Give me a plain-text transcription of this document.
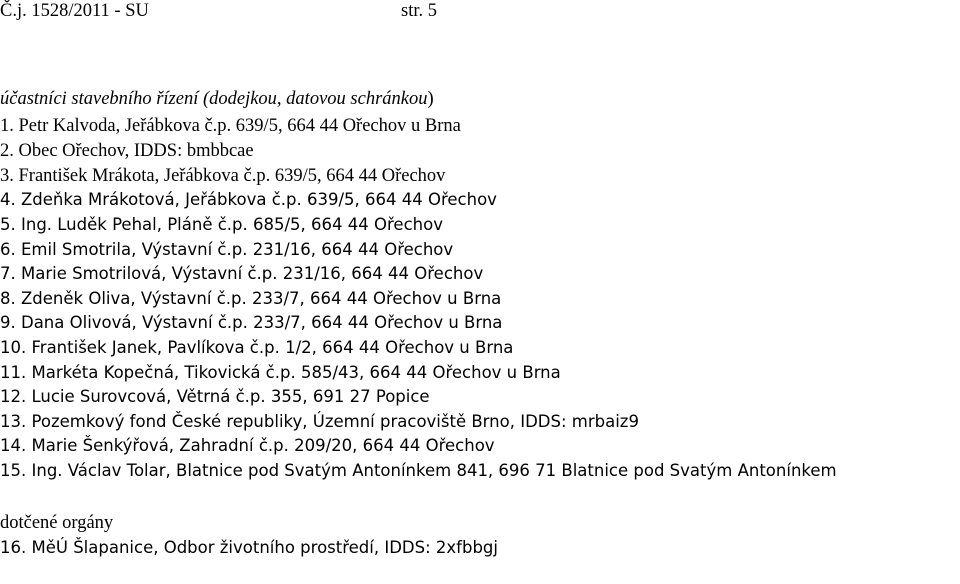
Č.j. 1528/2011 - SU	str. 5
účastníci stavebního řízení (dodejkou, datovou schránkou)
1. Petr Kalvoda, Jeřábkova č.p. 639/5, 664 44 Ořechov u Brna
2. Obec Ořechov, IDDS: bmbbcae
3. František Mrákota, Jeřábkova č.p. 639/5, 664 44 Ořechov
4. Zdeňka Mrákotová, Jeřábkova č.p. 639/5, 664 44 Ořechov
5. Ing. Luděk Pehal, Pláně č.p. 685/5, 664 44 Ořechov
6. Emil Smotrila, Výstavní č.p. 231/16, 664 44 Ořechov
7. Marie Smotrilová, Výstavní č.p. 231/16, 664 44 Ořechov
8. Zdeněk Oliva, Výstavní č.p. 233/7, 664 44 Ořechov u Brna
9. Dana Olivová, Výstavní č.p. 233/7, 664 44 Ořechov u Brna
10. František Janek, Pavlíkova č.p. 1/2, 664 44 Ořechov u Brna
11. Markéta Kopečná, Tikovická č.p. 585/43, 664 44 Ořechov u Brna
12. Lucie Surovcová, Větrná č.p. 355, 691 27 Popice
13. Pozemkový fond České republiky, Územní pracoviště Brno, IDDS: mrbaiz9
14. Marie Šenkýřová, Zahradní č.p. 209/20, 664 44 Ořechov
15. Ing. Václav Tolar, Blatnice pod Svatým Antonínkem 841, 696 71 Blatnice pod Svatým Antonínkem
dotčené orgány
16. MěÚ Šlapanice, Odbor životního prostředí, IDDS: 2xfbbgj
